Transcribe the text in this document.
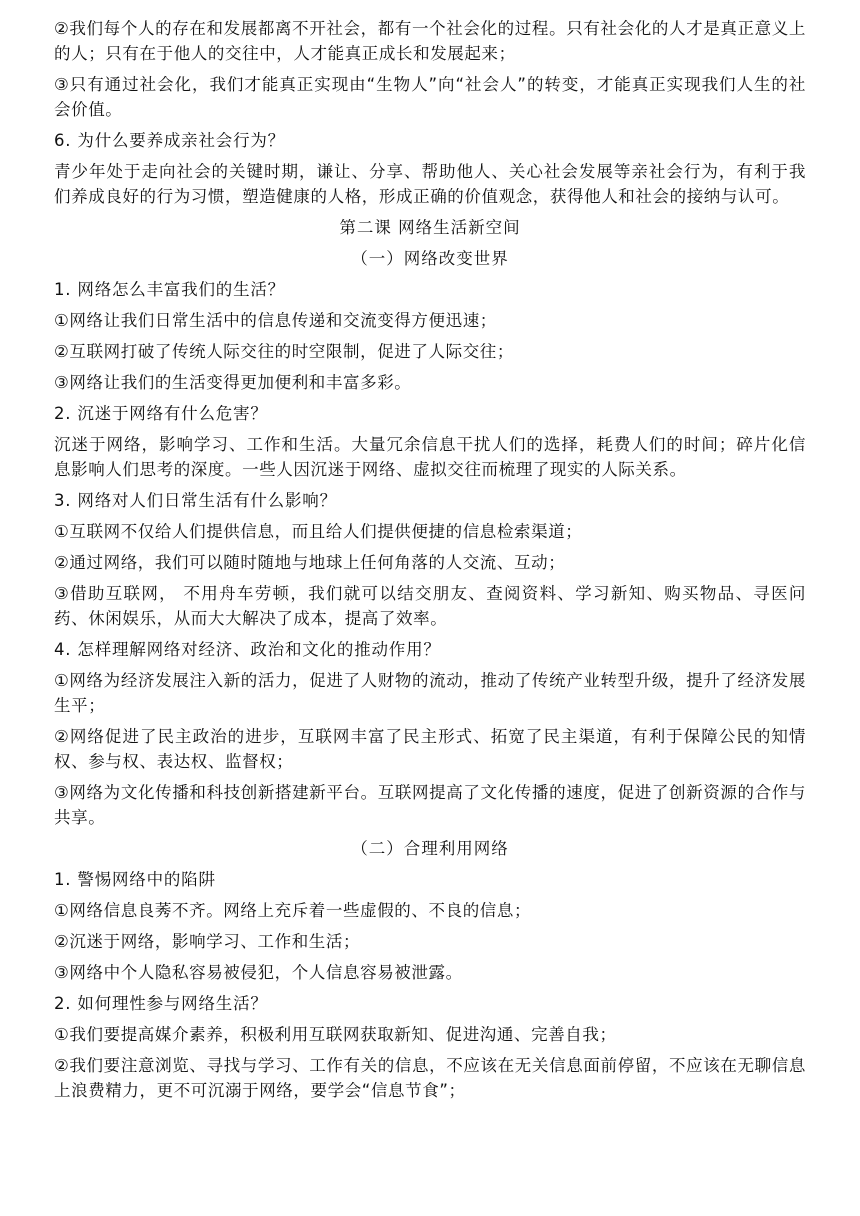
②我们每个人的存在和发展都离不开社会，都有一个社会化的过程。只有社会化的人才是真正意义上的人；只有在于他人的交往中，人才能真正成长和发展起来；

③只有通过社会化，我们才能真正实现由“生物人”向“社会人”的转变，才能真正实现我们人生的社会价值。

6. 为什么要养成亲社会行为？

青少年处于走向社会的关键时期，谦让、分享、帮助他人、关心社会发展等亲社会行为，有利于我们养成良好的行为习惯，塑造健康的人格，形成正确的价值观念，获得他人和社会的接纳与认可。

第二课 网络生活新空间

（一）网络改变世界

1. 网络怎么丰富我们的生活？

①网络让我们日常生活中的信息传递和交流变得方便迅速；

②互联网打破了传统人际交往的时空限制，促进了人际交往；

③网络让我们的生活变得更加便利和丰富多彩。

2. 沉迷于网络有什么危害？

沉迷于网络，影响学习、工作和生活。大量冗余信息干扰人们的选择，耗费人们的时间；碎片化信息影响人们思考的深度。一些人因沉迷于网络、虚拟交往而梳理了现实的人际关系。

3. 网络对人们日常生活有什么影响？

①互联网不仅给人们提供信息，而且给人们提供便捷的信息检索渠道；

②通过网络，我们可以随时随地与地球上任何角落的人交流、互动；

③借助互联网， 不用舟车劳顿，我们就可以结交朋友、查阅资料、学习新知、购买物品、寻医问药、休闲娱乐，从而大大解决了成本，提高了效率。

4. 怎样理解网络对经济、政治和文化的推动作用？

①网络为经济发展注入新的活力，促进了人财物的流动，推动了传统产业转型升级，提升了经济发展生平；

②网络促进了民主政治的进步，互联网丰富了民主形式、拓宽了民主渠道，有利于保障公民的知情权、参与权、表达权、监督权；

③网络为文化传播和科技创新搭建新平台。互联网提高了文化传播的速度，促进了创新资源的合作与共享。

（二）合理利用网络

1. 警惕网络中的陷阱

①网络信息良莠不齐。网络上充斥着一些虚假的、不良的信息；

②沉迷于网络，影响学习、工作和生活；

③网络中个人隐私容易被侵犯，个人信息容易被泄露。

2. 如何理性参与网络生活？

①我们要提高媒介素养，积极利用互联网获取新知、促进沟通、完善自我；

②我们要注意浏览、寻找与学习、工作有关的信息，不应该在无关信息面前停留，不应该在无聊信息上浪费精力，更不可沉溺于网络，要学会“信息节食”；
